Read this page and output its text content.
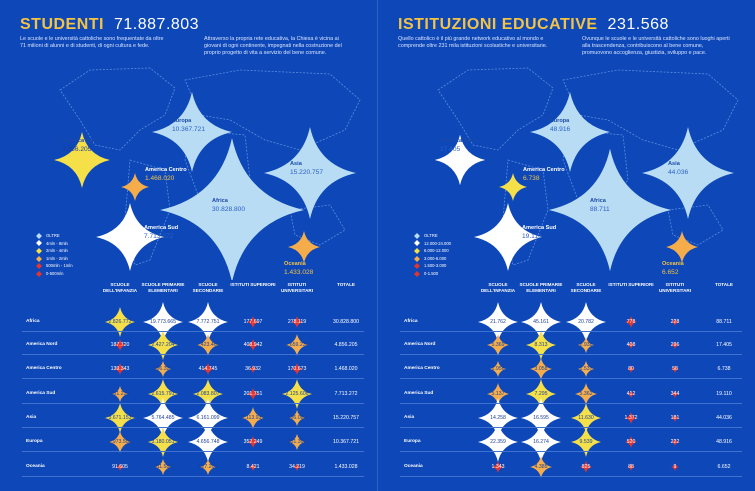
STUDENTI 71.887.803
Le scuole e le università cattoliche sono frequentate da oltre 71 milioni di alunni e di studenti, di ogni cultura e fede.
Attraverso la propria rete educativa, la Chiesa è vicina ai giovani di ogni continente, impegnati nella costruzione del proprio progetto di vita a servizio del bene comune.
OLTRE
4mln - 8mln
2mln - 4mln
1mln - 2mln
500mln - 1mln
0-500mln
Europa
10.367.721
America Nord
4.856.205
America Centro
1.468.020
Asia
15.220.757
Africa
30.828.800
America Sud
7.713.272
Oceania
1.433.028
SCUOLE DELL'INFANZIA
SCUOLE PRIMARIE ELEMENTARI
SCUOLE SECONDARIE
ISTITUTI SUPERIORI	ISTITUTI UNIVERSITARI
TOTALE
Africa	2.826.772	19.773.665	7.772.751	177.697	278.119	30.828.800
America Nord	187.720	2.427.204	1.423.466	408.942	1.659.233	4.856.205
America Centro	139.343	706.327	414.745	36.932	170.673	1.468.020
America Sud	651.239	2.615.791	2.083.807	201.751	2.125.606	7.713.272
Asia	3.671.153	5.764.485	6.161.099	1.113.931	506.089	15.220.757
Europa	1.973.508	3.180.051	4.656.748	352.249	601.308	10.367.721
Oceania	91.605	911.583	527.200	8.421	34.219	1.433.028
ISTITUZIONI EDUCATIVE 231.568
Quello cattolico è il più grande network educativo al mondo e comprende oltre 231 mila istituzioni scolastiche e universitarie.
Ovunque le scuole e le università cattoliche sono luoghi aperti alla trascendenza, contribuiscono al bene comune, promuovono accoglienza, giustizia, sviluppo e pace.
OLTRE
12.000-24.000
6.000-12.000
3.000-6.000
1.500-3.000
0-1.500
Europa
48.916
America Nord
17.405
America Centro
6.738
Asia
44.036
Africa
88.711
America Sud
19.110
Oceania
6.652
SCUOLE DELL'INFANZIA
SCUOLE PRIMARIE ELEMENTARI
SCUOLE SECONDARIE
ISTITUTI SUPERIORI	ISTITUTI UNIVERSITARI
TOTALE
Africa	21.762	45.161	20.782	778	228	88.711
America Nord	5.369	8.313	2.938	408	296	17.405
America Centro	1.956	3.058	1.537	80	58	6.738
America Sud	5.137	7.295	5.362	412	344	19.110
Asia	14.258	16.595	11.630	1.372	181	44.036
Europa	22.359	16.274	9.539	520	222	48.916
Oceania	1.343	4.385	825	88	9	6.652
